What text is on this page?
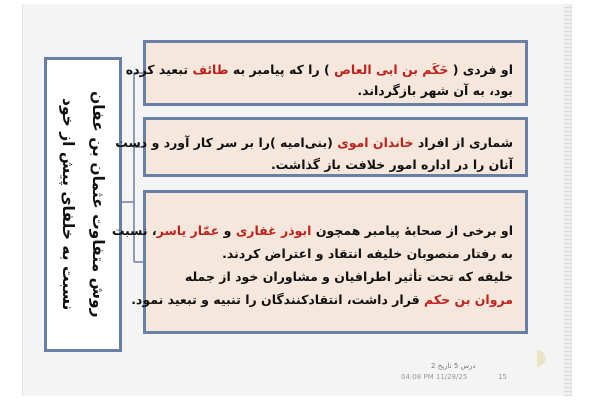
روش متفاوت عثمان بن عفان
نسبت به خلفای پیش از خود
او فردی ( حَکَم بن ابی العاص ) را که پیامبر به طائف تبعید کرده
بود، به آن شهر بازگرداند.
شماری از افراد خاندان اموی (بنی‌امیه )را بر سر کار آورد و دست
آنان را در اداره امور خلافت باز گذاشت.
او برخی از صحابهٔ پیامبر همچون ابوذر غفاری و عمّار یاسر، نسبت
به رفتار منصوبان خلیفه انتقاد و اعتراض کردند.
خلیفه که تحت تأثیر اطرافیان و مشاوران خود از جمله
مروان بن حکم قرار داشت، انتقادکنندگان را تنبیه و تبعید نمود.
درس 5 تاریخ 2
04:08 PM 11/28/25	15
◗
